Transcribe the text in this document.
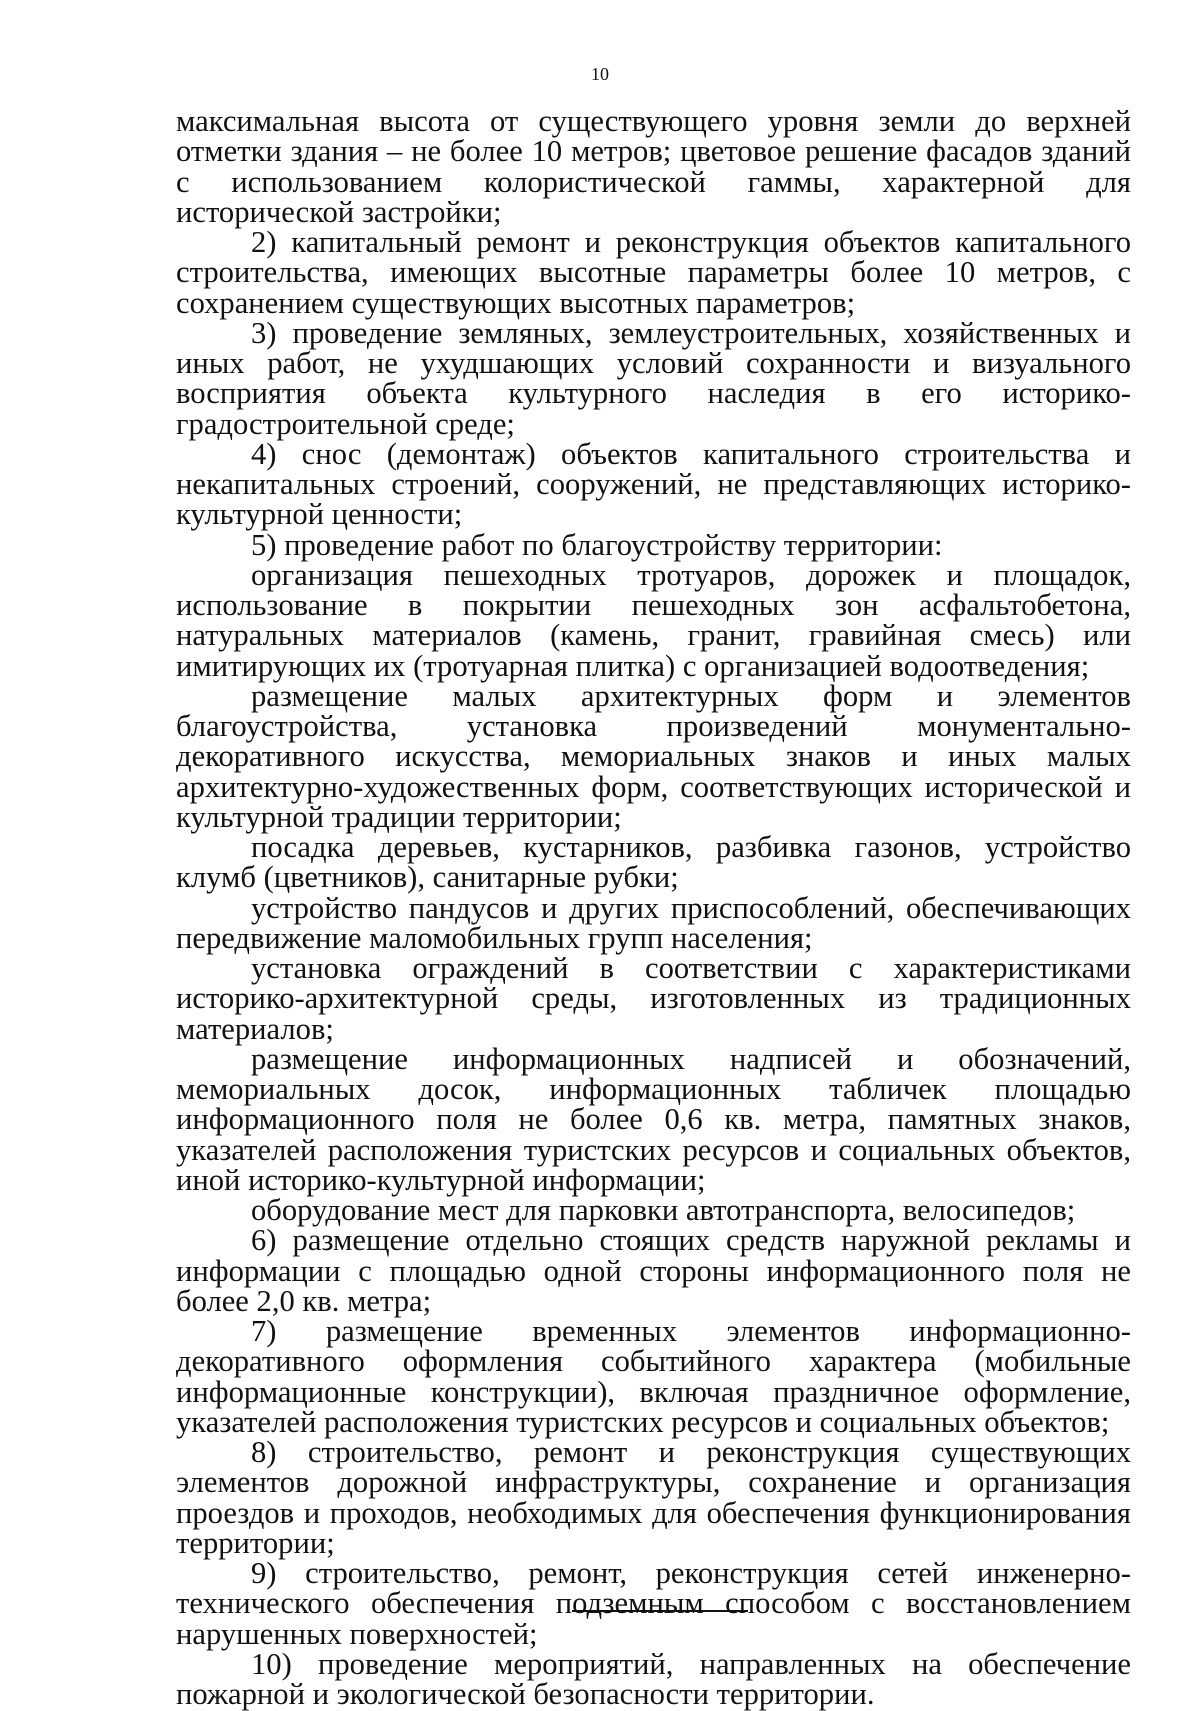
10

максимальная высота от существующего уровня земли до верхней отметки здания – не более 10 метров; цветовое решение фасадов зданий с использованием колористической гаммы, характерной для исторической застройки;

2) капитальный ремонт и реконструкция объектов капитального строительства, имеющих высотные параметры более 10 метров, с сохранением существующих высотных параметров;

3) проведение земляных, землеустроительных, хозяйственных и иных работ, не ухудшающих условий сохранности и визуального восприятия объекта культурного наследия в его историко-градостроительной среде;

4) снос (демонтаж) объектов капитального строительства и некапитальных строений, сооружений, не представляющих историко-культурной ценности;

5) проведение работ по благоустройству территории:

организация пешеходных тротуаров, дорожек и площадок, использование в покрытии пешеходных зон асфальтобетона, натуральных материалов (камень, гранит, гравийная смесь) или имитирующих их (тротуарная плитка) с организацией водоотведения;

размещение малых архитектурных форм и элементов благоустройства, установка произведений монументально-декоративного искусства, мемориальных знаков и иных малых архитектурно-художественных форм, соответствующих исторической и культурной традиции территории;

посадка деревьев, кустарников, разбивка газонов, устройство клумб (цветников), санитарные рубки;

устройство пандусов и других приспособлений, обеспечивающих передвижение маломобильных групп населения;

установка ограждений в соответствии с характеристиками историко-архитектурной среды, изготовленных из традиционных материалов;

размещение информационных надписей и обозначений, мемориальных досок, информационных табличек площадью информационного поля не более 0,6 кв. метра, памятных знаков, указателей расположения туристских ресурсов и социальных объектов, иной историко-культурной информации;

оборудование мест для парковки автотранспорта, велосипедов;

6) размещение отдельно стоящих средств наружной рекламы и информации с площадью одной стороны информационного поля не более 2,0 кв. метра;

7) размещение временных элементов информационно-декоративного оформления событийного характера (мобильные информационные конструкции), включая праздничное оформление, указателей расположения туристских ресурсов и социальных объектов;

8) строительство, ремонт и реконструкция существующих элементов дорожной инфраструктуры, сохранение и организация проездов и проходов, необходимых для обеспечения функционирования территории;

9) строительство, ремонт, реконструкция сетей инженерно-технического обеспечения подземным способом с восстановлением нарушенных поверхностей;

10) проведение мероприятий, направленных на обеспечение пожарной и экологической безопасности территории.
